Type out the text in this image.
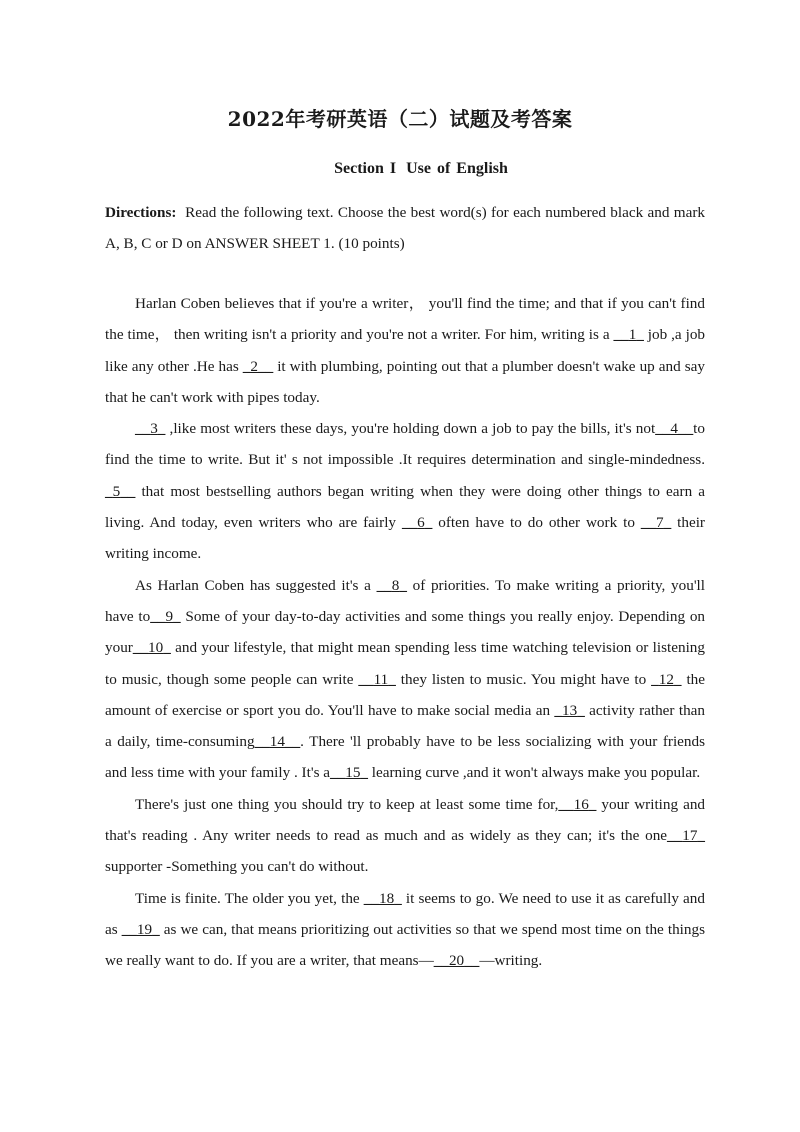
2022年考研英语（二）试题及考答案
Section I Use of English

Directions: Read the following text. Choose the best word(s) for each numbered black and mark A, B, C or D on ANSWER SHEET 1. (10 points)

Harlan Coben believes that if you're a writer， you'll find the time; and that if you can't find the time， then writing isn't a priority and you're not a writer. For him, writing is a __1_ job ,a job like any other .He has _2__ it with plumbing, pointing out that a plumber doesn't wake up and say that he can't work with pipes today.

__3_ ,like most writers these days, you're holding down a job to pay the bills, it's not__4__to find the time to write. But it' s not impossible .It requires determination and single-mindedness. _5__ that most bestselling authors began writing when they were doing other things to earn a living. And today, even writers who are fairly __6_ often have to do other work to __7_ their writing income.

As Harlan Coben has suggested it's a __8_ of priorities. To make writing a priority, you'll have to__9_ Some of your day-to-day activities and some things you really enjoy. Depending on your__10_ and your lifestyle, that might mean spending less time watching television or listening to music, though some people can write __11_ they listen to music. You might have to _12_ the amount of exercise or sport you do. You'll have to make social media an _13_ activity rather than a daily, time-consuming__14__. There 'll probably have to be less socializing with your friends and less time with your family . It's a__15_ learning curve ,and it won't always make you popular.

There's just one thing you should try to keep at least some time for,__16_ your writing and that's reading . Any writer needs to read as much and as widely as they can; it's the one__17_ supporter -Something you can't do without.

Time is finite. The older you yet, the __18_ it seems to go. We need to use it as carefully and as __19_ as we can, that means prioritizing out activities so that we spend most time on the things we really want to do. If you are a writer, that means—__20__—writing.
